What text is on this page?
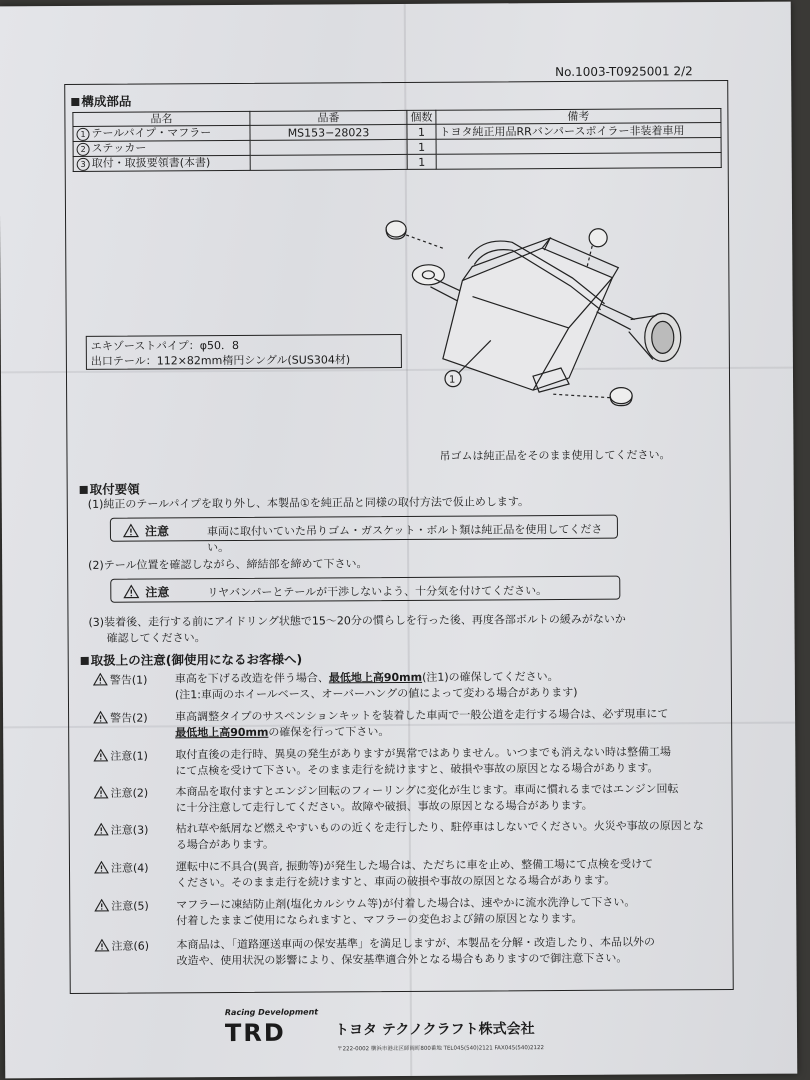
No.1003-T0925001 2/2
構成部品
品名	品番	個数	備考
1 テールパイプ・マフラー	MS153−28023	1	トヨタ純正用品RRバンパースポイラー非装着車用
2 ステッカー		1	
3 取付・取扱要領書(本書)		1	
エキゾーストパイプ：φ50．8
出口テール：112×82mm楕円シングル(SUS304材)
1
吊ゴムは純正品をそのまま使用してください。
取付要領
(1)純正のテールパイプを取り外し、本製品①を純正品と同様の取付方法で仮止めします。
注意	車両に取付いていた吊りゴム・ガスケット・ボルト類は純正品を使用してください。
(2)テール位置を確認しながら、締結部を締めて下さい。
注意	リヤバンパーとテールが干渉しないよう、十分気を付けてください。
(3)装着後、走行する前にアイドリング状態で15～20分の慣らしを行った後、再度各部ボルトの緩みがないか
確認してください。
取扱上の注意(御使用になるお客様へ)
警告(1) 車高を下げる改造を伴う場合、最低地上高90mm(注1)の確保してください。
(注1:車両のホイールベース、オーバーハングの値によって変わる場合があります)
警告(2) 車高調整タイプのサスペンションキットを装着した車両で一般公道を走行する場合は、必ず現車にて
最低地上高90mmの確保を行って下さい。
注意(1) 取付直後の走行時、異臭の発生がありますが異常ではありません。いつまでも消えない時は整備工場
にて点検を受けて下さい。そのまま走行を続けますと、破損や事故の原因となる場合があります。
注意(2) 本商品を取付ますとエンジン回転のフィーリングに変化が生じます。車両に慣れるまではエンジン回転
に十分注意して走行してください。故障や破損、事故の原因となる場合があります。
注意(3) 枯れ草や紙屑など燃えやすいものの近くを走行したり、駐停車はしないでください。火災や事故の原因とな
る場合があります。
注意(4) 運転中に不具合(異音, 振動等)が発生した場合は、ただちに車を止め、整備工場にて点検を受けて
ください。そのまま走行を続けますと、車両の破損や事故の原因となる場合があります。
注意(5) マフラーに凍結防止剤(塩化カルシウム等)が付着した場合は、速やかに流水洗浄して下さい。
付着したままご使用になられますと、マフラーの変色および錆の原因となります。
注意(6) 本商品は、「道路運送車両の保安基準」を満足しますが、本製品を分解・改造したり、本品以外の
改造や、使用状況の影響により、保安基準適合外となる場合もありますので御注意下さい。
Racing Development
TRD	トヨタ テクノクラフト株式会社
〒222-0002 横浜市港北区師岡町800番地 TEL045(540)2121 FAX045(540)2122
